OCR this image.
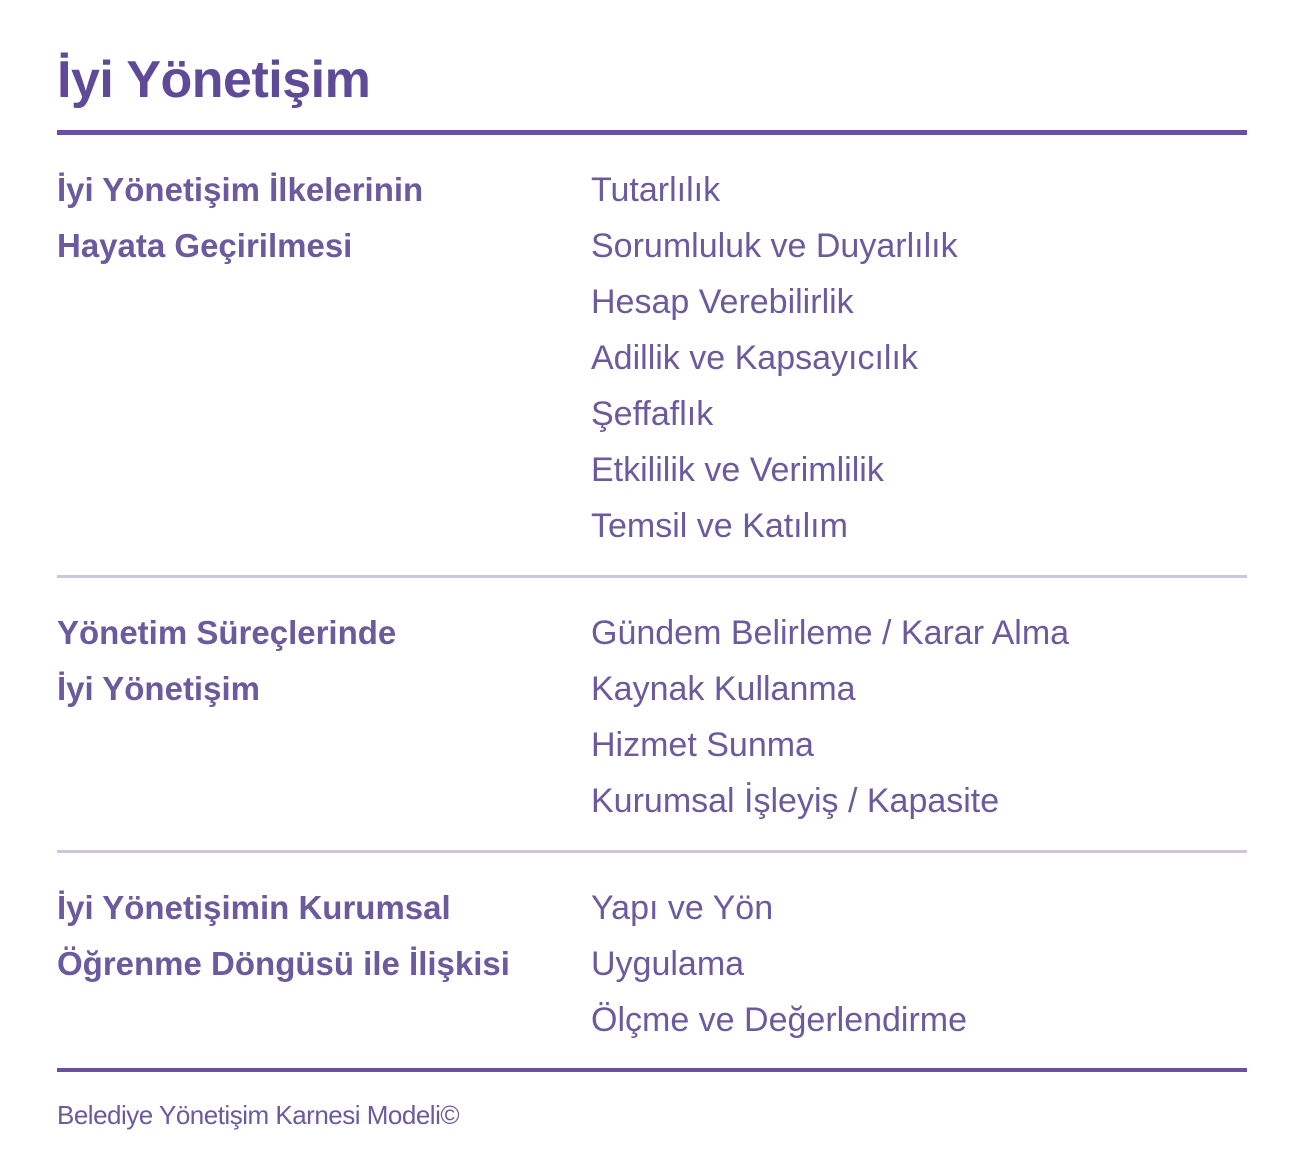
İyi Yönetişim
İyi Yönetişim İlkelerinin
Hayata Geçirilmesi
Tutarlılık
Sorumluluk ve Duyarlılık
Hesap Verebilirlik
Adillik ve Kapsayıcılık
Şeffaflık
Etkililik ve Verimlilik
Temsil ve Katılım
Yönetim Süreçlerinde
İyi Yönetişim
Gündem Belirleme / Karar Alma
Kaynak Kullanma
Hizmet Sunma
Kurumsal İşleyiş / Kapasite
İyi Yönetişimin Kurumsal
Öğrenme Döngüsü ile İlişkisi
Yapı ve Yön
Uygulama
Ölçme ve Değerlendirme
Belediye Yönetişim Karnesi Modeli©
